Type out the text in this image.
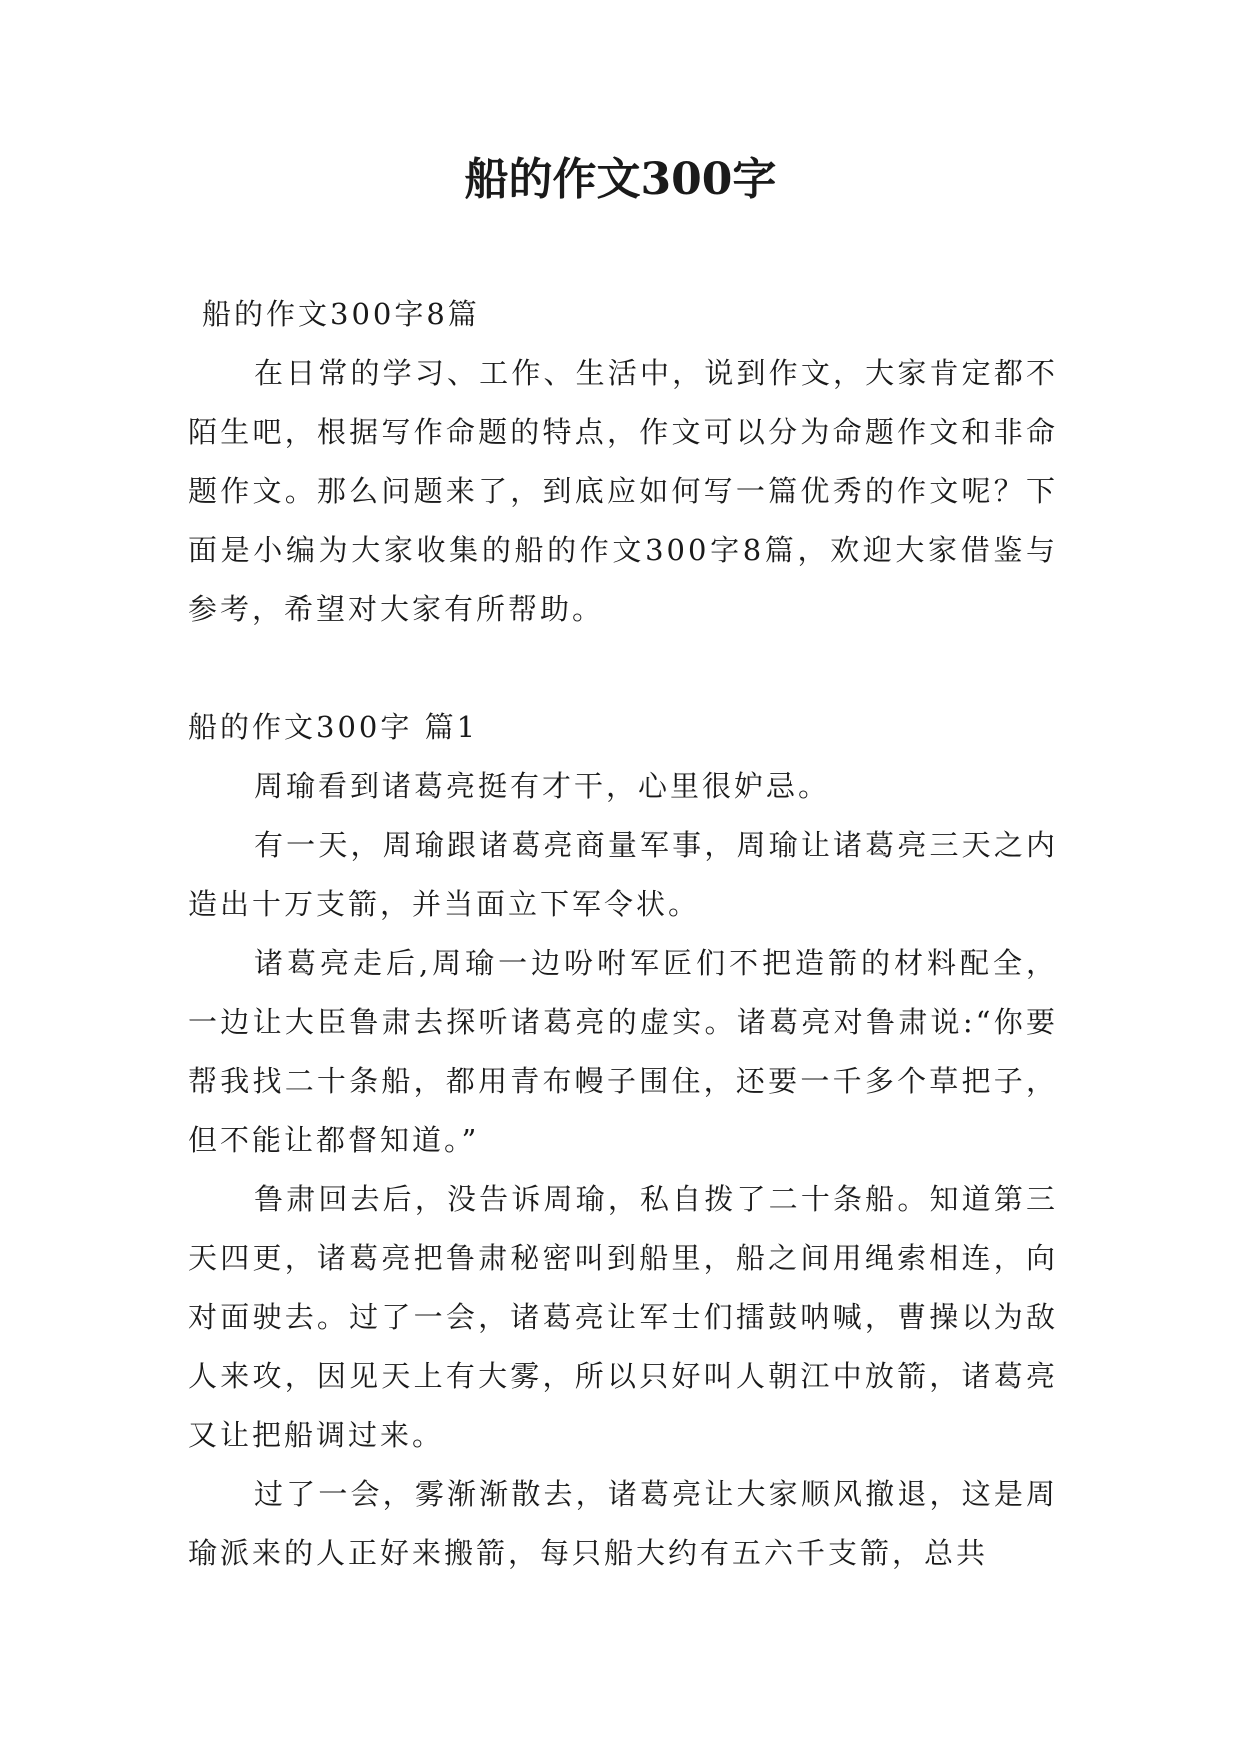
船的作文300字

船的作文300字8篇

在日常的学习、工作、生活中，说到作文，大家肯定都不陌生吧，根据写作命题的特点，作文可以分为命题作文和非命题作文。那么问题来了，到底应如何写一篇优秀的作文呢？下面是小编为大家收集的船的作文300字8篇，欢迎大家借鉴与参考，希望对大家有所帮助。

船的作文300字 篇1

周瑜看到诸葛亮挺有才干，心里很妒忌。

有一天，周瑜跟诸葛亮商量军事，周瑜让诸葛亮三天之内造出十万支箭，并当面立下军令状。

诸葛亮走后,周瑜一边吩咐军匠们不把造箭的材料配全，一边让大臣鲁肃去探听诸葛亮的虚实。诸葛亮对鲁肃说:“你要帮我找二十条船，都用青布幔子围住，还要一千多个草把子，但不能让都督知道。”

鲁肃回去后，没告诉周瑜，私自拨了二十条船。知道第三天四更，诸葛亮把鲁肃秘密叫到船里，船之间用绳索相连，向对面驶去。过了一会，诸葛亮让军士们擂鼓呐喊，曹操以为敌人来攻，因见天上有大雾，所以只好叫人朝江中放箭，诸葛亮又让把船调过来。

过了一会，雾渐渐散去，诸葛亮让大家顺风撤退，这是周瑜派来的人正好来搬箭，每只船大约有五六千支箭，总共
